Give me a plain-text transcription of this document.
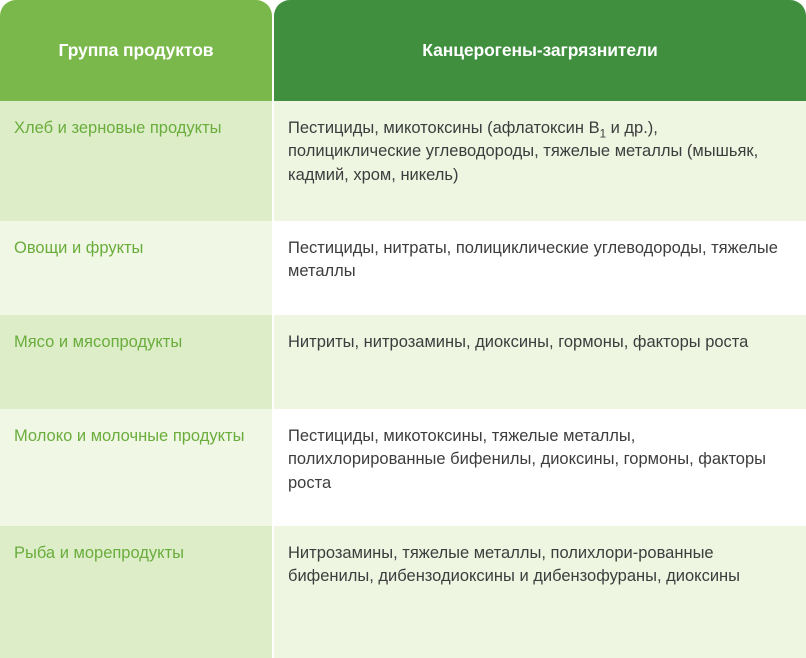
Группа продуктов	Канцерогены-загрязнители
Хлеб и зерновые продукты	Пестициды, микотоксины (афлатоксин $B_1$ и др.), полициклические углеводороды, тяжелые металлы (мышьяк, кадмий, хром, никель)
Овощи и фрукты	Пестициды, нитраты, полициклические углеводороды, тяжелые металлы
Мясо и мясопродукты	Нитриты, нитрозамины, диоксины, гормоны, факторы роста
Молоко и молочные продукты	Пестициды, микотоксины, тяжелые металлы, полихлорированные бифенилы, диоксины, гормоны, факторы роста
Рыба и морепродукты	Нитрозамины, тяжелые металлы, полихлори-рованные бифенилы, дибензодиоксины и дибензофураны, диоксины
